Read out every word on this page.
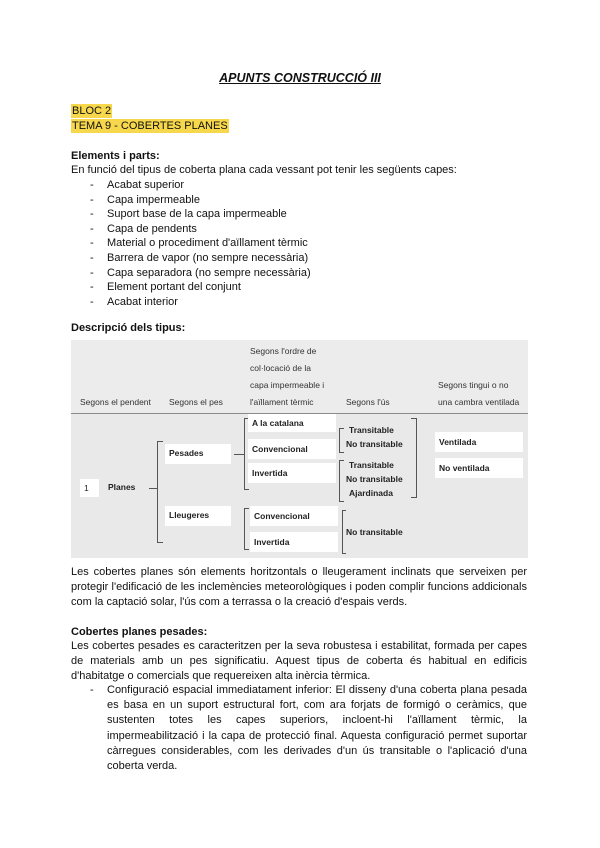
APUNTS CONSTRUCCIÓ III
BLOC 2
TEMA 9 - COBERTES PLANES
Elements i parts:
En funció del tipus de coberta plana cada vessant pot tenir les següents capes:
- Acabat superior
- Capa impermeable
- Suport base de la capa impermeable
- Capa de pendents
- Material o procediment d'aïllament tèrmic
- Barrera de vapor (no sempre necessària)
- Capa separadora (no sempre necessària)
- Element portant del conjunt
- Acabat interior
Descripció dels tipus:
Segons el pendent Segons el pes
Segons l'ordre de
col·locació de la
capa impermeable i
l'aïllament tèrmic	Segons l'ús
Segons tingui o no
una cambra ventilada
1	Planes
Pesades
Lleugeres
A la catalana
Convencional
Invertida
Convencional
Invertida
Transitable
No transitable
Transitable
No transitable
Ajardinada
No transitable
Ventilada
No ventilada
Les cobertes planes són elements horitzontals o lleugerament inclinats que serveixen per protegir l'edificació de les inclemències meteorològiques i poden complir funcions addicionals com la captació solar, l'ús com a terrassa o la creació d'espais verds.
Cobertes planes pesades:
Les cobertes pesades es caracteritzen per la seva robustesa i estabilitat, formada per capes de materials amb un pes significatiu. Aquest tipus de coberta és habitual en edificis d'habitatge o comercials que requereixen alta inèrcia tèrmica.
- Configuració espacial immediatament inferior: El disseny d'una coberta plana pesada es basa en un suport estructural fort, com ara forjats de formigó o ceràmics, que sustenten totes les capes superiors, incloent-hi l'aïllament tèrmic, la impermeabilització i la capa de protecció final. Aquesta configuració permet suportar càrregues considerables, com les derivades d'un ús transitable o l'aplicació d'una coberta verda.
